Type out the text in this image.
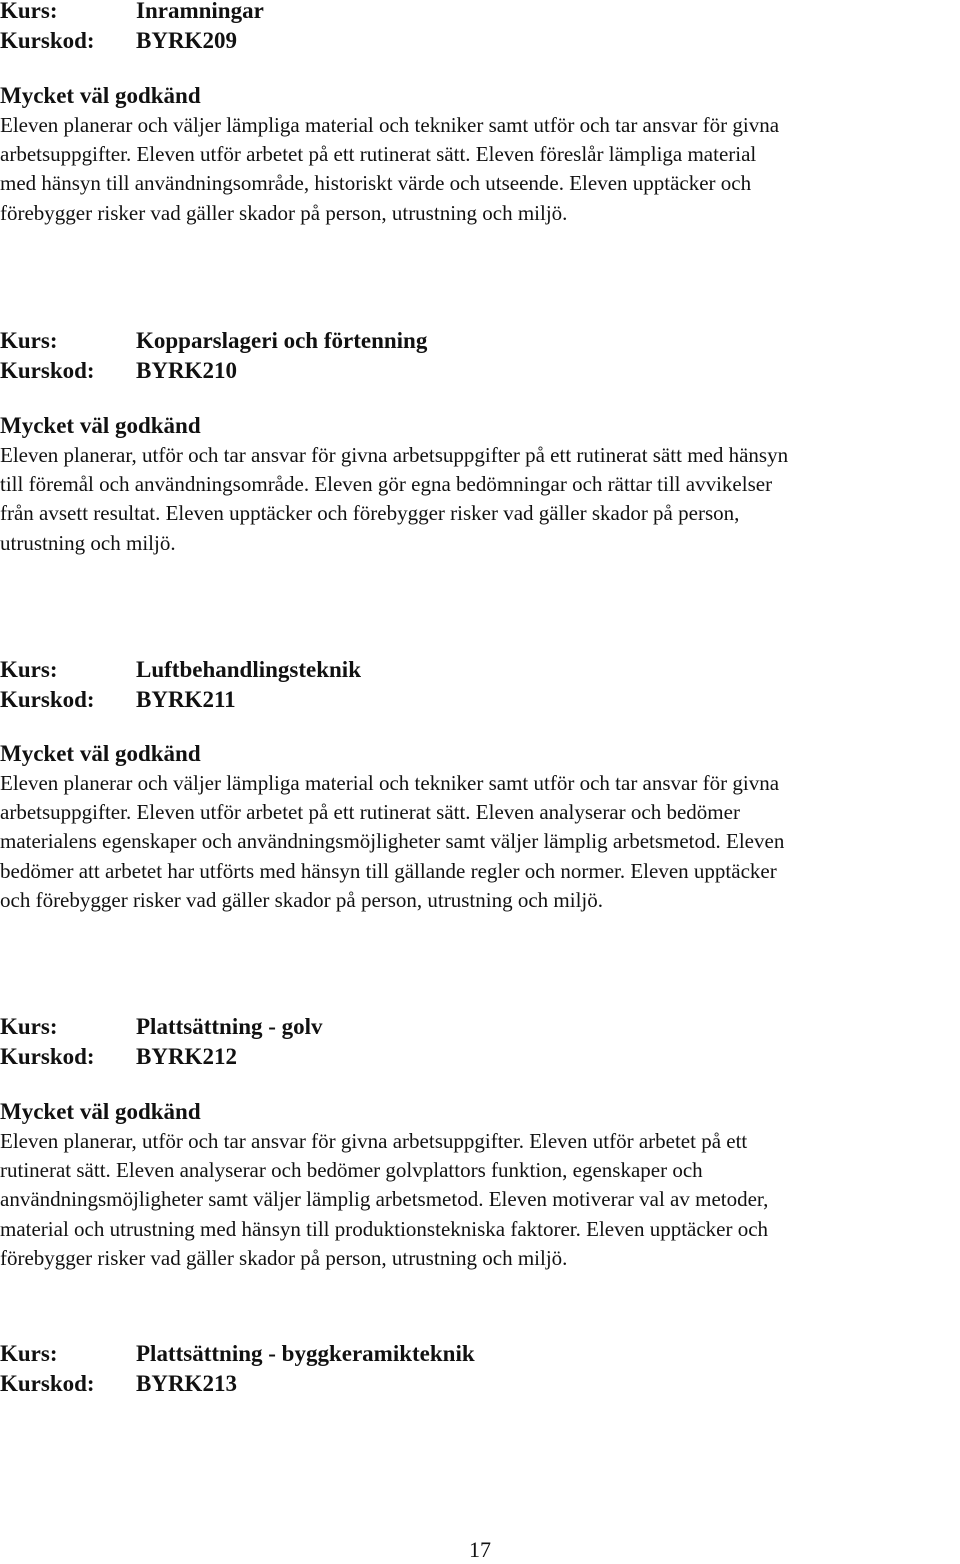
Kurs:	Inramningar
Kurskod:	BYRK209
Mycket väl godkänd

Eleven planerar och väljer lämpliga material och tekniker samt utför och tar ansvar för givna
arbetsuppgifter. Eleven utför arbetet på ett rutinerat sätt. Eleven föreslår lämpliga material
med hänsyn till användningsområde, historiskt värde och utseende. Eleven upptäcker och
förebygger risker vad gäller skador på person, utrustning och miljö.

Kurs:	Kopparslageri och förtenning
Kurskod:	BYRK210
Mycket väl godkänd

Eleven planerar, utför och tar ansvar för givna arbetsuppgifter på ett rutinerat sätt med hänsyn
till föremål och användningsområde. Eleven gör egna bedömningar och rättar till avvikelser
från avsett resultat. Eleven upptäcker och förebygger risker vad gäller skador på person,
utrustning och miljö.

Kurs:	Luftbehandlingsteknik
Kurskod:	BYRK211
Mycket väl godkänd

Eleven planerar och väljer lämpliga material och tekniker samt utför och tar ansvar för givna
arbetsuppgifter. Eleven utför arbetet på ett rutinerat sätt. Eleven analyserar och bedömer
materialens egenskaper och användningsmöjligheter samt väljer lämplig arbetsmetod. Eleven
bedömer att arbetet har utförts med hänsyn till gällande regler och normer. Eleven upptäcker
och förebygger risker vad gäller skador på person, utrustning och miljö.

Kurs:	Plattsättning - golv
Kurskod:	BYRK212
Mycket väl godkänd

Eleven planerar, utför och tar ansvar för givna arbetsuppgifter. Eleven utför arbetet på ett
rutinerat sätt. Eleven analyserar och bedömer golvplattors funktion, egenskaper och
användningsmöjligheter samt väljer lämplig arbetsmetod. Eleven motiverar val av metoder,
material och utrustning med hänsyn till produktionstekniska faktorer. Eleven upptäcker och
förebygger risker vad gäller skador på person, utrustning och miljö.

Kurs:	Plattsättning - byggkeramikteknik
Kurskod:	BYRK213
17
